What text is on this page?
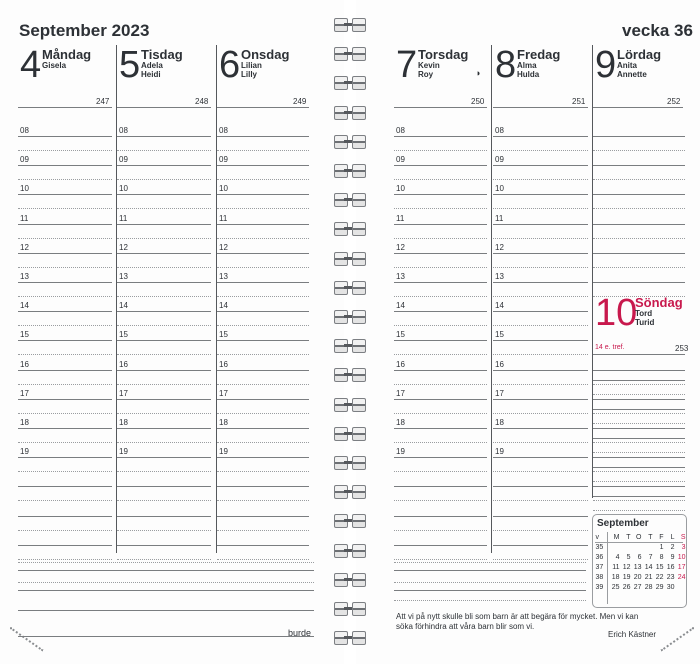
September 2023	vecka 36
4 Måndag
Gisela
247
08
09
10
11
12
13
14
15
16
17
18
19
5 Tisdag
Adela
Heidi
248
08
09
10
11
12
13
14
15
16
17
18
19
6 Onsdag
Lilian
Lilly
249
08
09
10
11
12
13
14
15
16
17
18
19
7 Torsdag
Kevin
Roy	◑
250
08
09
10
11
12
13
14
15
16
17
18
19
8 Fredag
Alma
Hulda
251
08
09
10
11
12
13
14
15
16
17
18
19
9 Lördag
Anita
Annette
252
10
Söndag
Tord
Turid
14 e. tref.	253
burde
Att vi på nytt skulle bli som barn är att begära för mycket. Men vi kan
söka förhindra att våra barn blir som vi.
Erich Kästner
September
v	M	T	O	T	F	L	S
35					1	2	3
36	4	5	6	7	8	9	10
37	11	12	13	14	15	16	17
38	18	19	20	21	22	23	24
39	25	26	27	28	29	30	
